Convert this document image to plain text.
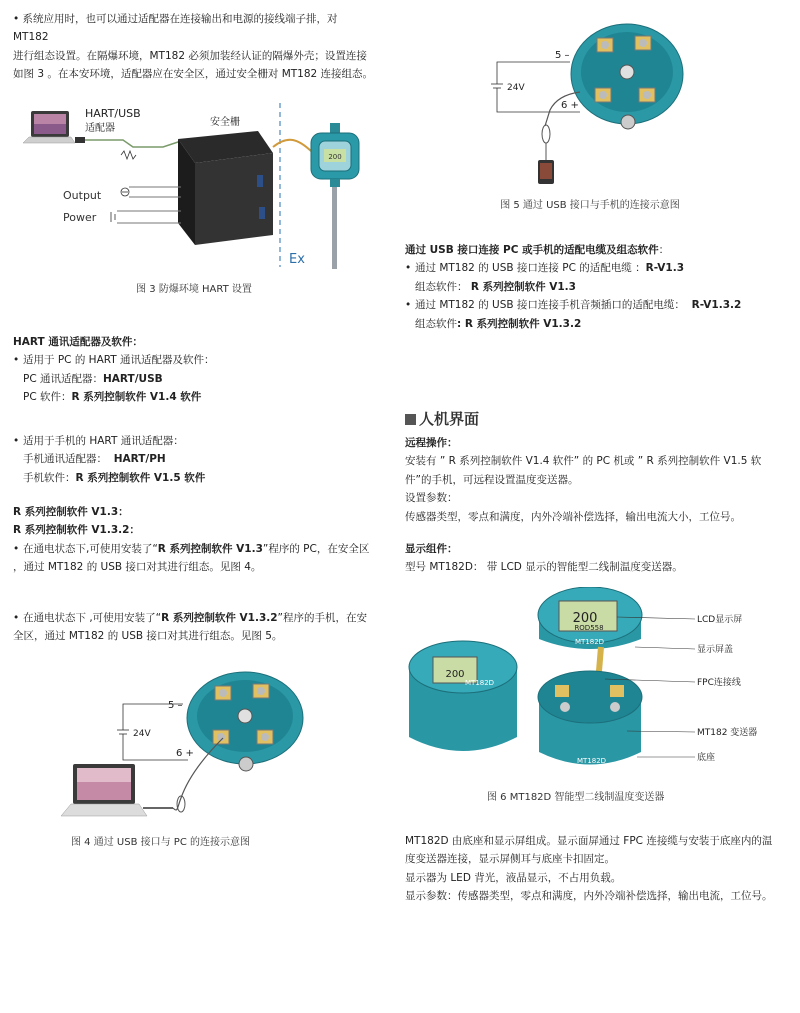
• 系统应用时，也可以通过适配器在连接输出和电源的接线端子排，对 MT182
进行组态设置。在隔爆环境，MT182 必须加装经认证的隔爆外壳；设置连接
如图 3 。在本安环境，适配器应在安全区，通过安全栅对 MT182 连接组态。
HART/USB
适配器
安全栅
Output
Power
Ex
200
图 3 防爆环境 HART 设置
HART 通讯适配器及软件：
• 适用于 PC 的 HART 通讯适配器及软件：
PC 通讯适配器：HART/USB
PC 软件：R 系列控制软件 V1.4 软件
• 适用于手机的 HART 通讯适配器：
手机通讯适配器： HART/PH
手机软件：R 系列控制软件 V1.5 软件
R 系列控制软件 V1.3：
R 系列控制软件 V1.3.2：
• 在通电状态下,可使用安装了“R 系列控制软件 V1.3”程序的 PC，在安全区
，通过 MT182 的 USB 接口对其进行组态。见图 4。
• 在通电状态下 ,可使用安装了“R 系列控制软件 V1.3.2”程序的手机，在安
全区，通过 MT182 的 USB 接口对其进行组态。见图 5。
5 –
6 +
24V
图 4 通过 USB 接口与 PC 的连接示意图
5 –
6 +
24V
图 5 通过 USB 接口与手机的连接示意图
通过 USB 接口连接 PC 或手机的适配电缆及组态软件：
• 通过 MT182 的 USB 接口连接 PC 的适配电缆 ：R-V1.3
组态软件： R 系列控制软件 V1.3
• 通过 MT182 的 USB 接口连接手机音频插口的适配电缆： R-V1.3.2
组态软件: R 系列控制软件 V1.3.2
人机界面
远程操作：
安装有 ” R 系列控制软件 V1.4 软件” 的 PC 机或 ” R 系列控制软件 V1.5 软
件”的手机，可远程设置温度变送器。
设置参数：
传感器类型，零点和满度，内外冷端补偿选择，输出电流大小，工位号。
显示组件：
型号 MT182D： 带 LCD 显示的智能型二线制温度变送器。
200
MT182D
200
ROD558
MT182D
MT182D
LCD显示屏
显示屏盖
FPC连接线
MT182 变送器
底座
图 6 MT182D 智能型二线制温度变送器
MT182D 由底座和显示屏组成。显示面屏通过 FPC 连接缆与安装于底座内的温
度变送器连接，显示屏侧耳与底座卡扣固定。
显示器为 LED 背光，液晶显示，不占用负载。
显示参数：传感器类型，零点和满度，内外冷端补偿选择，输出电流，工位号。
